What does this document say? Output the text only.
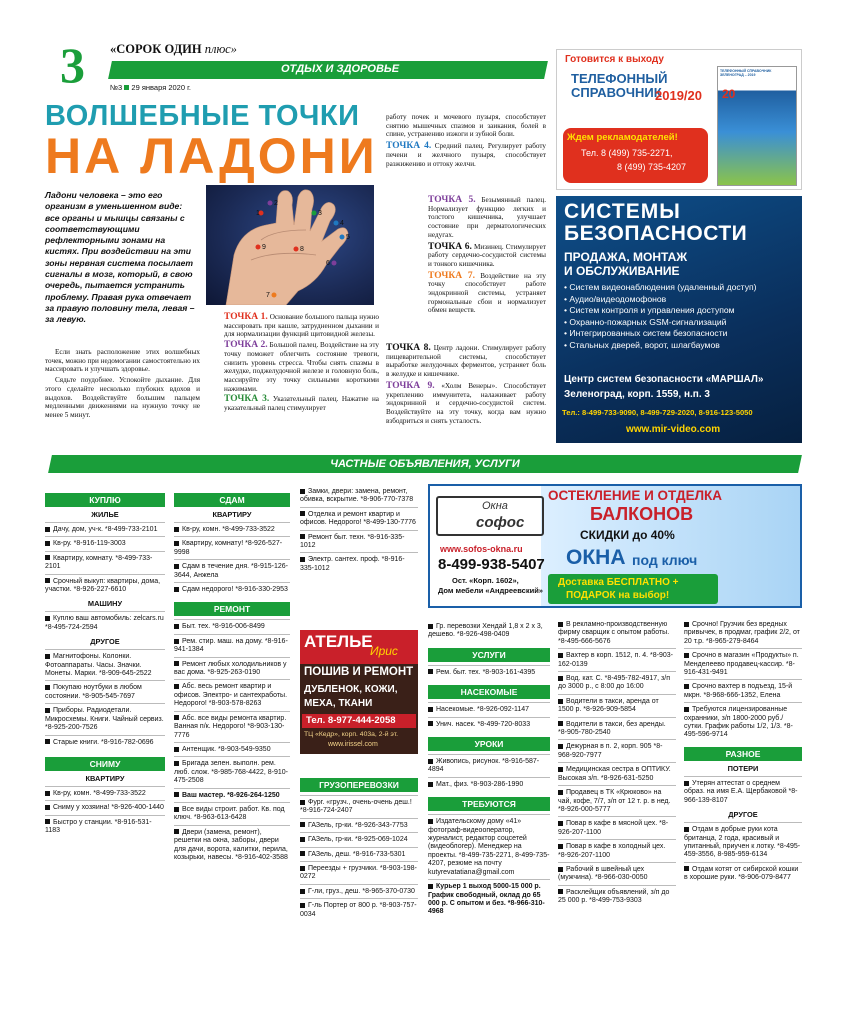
3 «СОРОК ОДИН плюс»
ОТДЫХ И ЗДОРОВЬЕ
№3 29 января 2020 г.
ВОЛШЕБНЫЕ ТОЧКИ
НА ЛАДОНИ
Ладони человека – это его организм в уменьшенном виде: все органы и мышцы связаны с соответствующими рефлекторными зонами на кистях. При воздействии на эти зоны нервная система посылает сигналы в мозг, который, в свою очередь, пытается устранить проблему. Правая рука отвечает за правую половину тела, левая – за левую.

Если знать расположение этих волшебных точек, можно при недомогании самостоятельно их массировать и улучшать здоровье.

Сядьте поудобнее. Успокойте дыхание. Для этого сделайте несколько глубоких вдохов и выдохов. Воздействуйте большим пальцем медленными движениями на нужную точку не менее 5 минут.

1
2
3
4
5
6
7
8
9

ТОЧКА 1. Основание большого пальца нужно массировать при кашле, затрудненном дыхании и для нормализации функций щитовидной железы.

ТОЧКА 2. Большой палец. Воздействие на эту точку поможет облегчить состояние тревоги, снизить уровень стресса. Чтобы снять спазмы в желудке, поджелудочной железе и головную боль, массируйте эту точку сильными короткими нажимами.

ТОЧКА 3. Указательный палец. Нажатие на указательный палец стимулирует

работу почек и мочевого пузыря, способствует снятию мышечных спазмов и заикания, болей в спине, устранению изжоги и зубной боли.

ТОЧКА 4. Средний палец. Регулирует работу печени и желчного пузыря, способствует разжижению и оттоку желчи.

ТОЧКА 5. Безымянный палец. Нормализует функцию легких и толстого кишечника, улучшает состояние при дерматологических недугах.

ТОЧКА 6. Мизинец. Стимулирует работу сердечно-сосудистой системы и тонкого кишечника.

ТОЧКА 7. Воздействие на эту точку способствует работе эндокринной системы, устраняет гормональные сбои и нормализует обмен веществ.

ТОЧКА 8. Центр ладони. Стимулирует работу пищеварительной системы, способствует выработке желудочных ферментов, устраняет боль в желудке и кишечнике.

ТОЧКА 9. «Холм Венеры». Способствует укреплению иммунитета, налаживает работу эндокринной и сердечно-сосудистой систем. Воздействуйте на эту точку, когда вам нужно взбодриться и снять усталость.

Готовится к выходу
ТЕЛЕФОННЫЙ СПРАВОЧНИК
2019/20
Ждем рекламодателей!
Тел. 8 (499) 735-2271,
8 (499) 735-4207
ТЕЛЕФОННЫЙ СПРАВОЧНИК ЗЕЛЕНОГРАД – 2019
20
СИСТЕМЫ
БЕЗОПАСНОСТИ
ПРОДАЖА, МОНТАЖ
И ОБСЛУЖИВАНИЕ
• Систем видеонаблюдения (удаленный доступ)
• Аудио/видеодомофонов
• Систем контроля и управления доступом
• Охранно-пожарных GSM-сигнализаций
• Интегрированных систем безопасности
• Стальных дверей, ворот, шлагбаумов
Центр систем безопасности «МАРШАЛ»
Зеленоград, корп. 1559, н.п. 3
Тел.: 8-499-733-9090, 8-499-729-2020, 8-916-123-5050
www.mir-video.com
ЧАСТНЫЕ ОБЪЯВЛЕНИЯ, УСЛУГИ
КУПЛЮ
ЖИЛЬЕ
Дачу, дом, уч-к. *8-499-733-2101
Кв-ру. *8-916-119-3003
Квартиру, комнату. *8-499-733-2101
Срочный выкуп: квартиры, дома, участки. *8-926-227-6610
МАШИНУ
Куплю ваш автомобиль: zelcars.ru *8-495-724-2594
ДРУГОЕ
Магнитофоны. Колонки. Фотоаппараты. Часы. Значки. Монеты. Марки. *8-909-645-2522
Покупаю ноутбуки в любом состоянии. *8-905-545-7697
Приборы. Радиодетали. Микросхемы. Книги. Чайный сервиз. *8-925-200-7526
Старые книги. *8-916-782-0696
СНИМУ
КВАРТИРУ
Кв-ру, комн. *8-499-733-3522
Сниму у хозяина! *8-926-400-1440
Быстро у станции. *8-916-531-1183
СДАМ
КВАРТИРУ
Кв-ру, комн. *8-499-733-3522
Квартиру, комнату! *8-926-527-9998
Сдам в течение дня. *8-915-126-3644, Анжела
Сдам недорого! *8-916-330-2953
РЕМОНТ
Быт. тех. *8-916-006-8499
Рем. стир. маш. на дому. *8-916-941-1384
Ремонт любых холодильников у вас дома. *8-925-263-0190
Абс. весь ремонт квартир и офисов. Электро- и сантехработы. Недорого! *8-903-578-8263
Абс. все виды ремонта квартир. Ванная п/к. Недорого! *8-903-130-7776
Антенщик. *8-903-549-9350
Бригада зелен. выполн. рем. люб. слож. *8-985-768-4422, 8-910-475-2508
Ваш мастер. *8-926-264-1250
Все виды строит. работ. Кв. под ключ. *8-963-613-6428
Двери (замена, ремонт), решетки на окна, заборы, двери для дачи, ворота, калитки, перила, козырьки, навесы. *8-916-402-3588
Замки, двери: замена, ремонт, обивка, вскрытие. *8-906-770-7378
Отделка и ремонт квартир и офисов. Недорого! *8-499-130-7776
Ремонт быт. техн. *8-916-335-1012
Электр. сантех. проф. *8-916-335-1012
АТЕЛЬЕ
Ирис
ПОШИВ И РЕМОНТ
ДУБЛЕНОК, КОЖИ,
МЕХА, ТКАНИ
Тел. 8-977-444-2058
ТЦ «Кедр», корп. 403а, 2-й эт.
www.irissel.com
ГРУЗОПЕРЕВОЗКИ
Фург. «грузч., очень-очень деш.! *8-916-724-2407
ГАЗель, гр-ки. *8-926-343-7753
ГАЗель, гр-ки. *8-925-069-1024
ГАЗель, деш. *8-916-733-5301
Переезды + грузчики. *8-903-198-0272
Г-ли, груз., деш. *8-965-370-0730
Г-ль Портер от 800 р. *8-903-757-0034
Окна
софос
www.sofos-okna.ru
8-499-938-5407
Ост. «Корп. 1602»,
Дом мебели «Андреевский»
ОСТЕКЛЕНИЕ И ОТДЕЛКА
БАЛКОНОВ
СКИДКИ до 40%
ОКНА под ключ
Доставка БЕСПЛАТНО +
ПОДАРОК на выбор!
Гр. перевозки Хендай 1,8 х 2 х 3, дешево. *8-926-498-0409
УСЛУГИ
Рем. быт. тех. *8-903-161-4395
НАСЕКОМЫЕ
Насекомые. *8-926-092-1147
Унич. насек. *8-499-720-8033
УРОКИ
Живопись, рисунок. *8-916-587-4894
Мат., физ. *8-903-286-1990
ТРЕБУЮТСЯ
Издательскому дому «41» фотограф-видеооператор, журналист, редактор соцсетей (видеоблогер). Менеджер на проекты. *8-499-735-2271, 8-499-735-4207, резюме на почту kutyrevatatiana@gmail.com
Курьер 1 выход 5000-15 000 р. График свободный, оклад до 65 000 р. С опытом и без. *8-966-310-4968
В рекламно-производственную фирму сварщик с опытом работы. *8-495-666-5676
Вахтер в корп. 1512, п. 4. *8-903-162-0139
Вод. кат. С. *8-495-782-4917, з/п до 3000 р., с 8:00 до 16:00
Водители в такси, аренда от 1500 р. *8-926-909-5854
Водители в такси, без аренды. *8-905-780-2540
Дежурная в п. 2, корп. 905 *8-968-920-7977
Медицинская сестра в ОПТИКУ. Высокая з/п. *8-926-631-5250
Продавец в ТК «Крюково» на чай, кофе, 7/7, з/п от 12 т. р. в нед. *8-926-000-5777
Повар в кафе в мясной цех. *8-926-207-1100
Повар в кафе в холодный цех. *8-926-207-1100
Рабочий в швейный цех (мужчина). *8-966-030-0050
Расклейщик объявлений, з/п до 25 000 р. *8-499-753-9303
Срочно! Грузчик без вредных привычек, в продмаг, график 2/2, от 20 т.р. *8-965-279-8464
Срочно в магазин «Продукты» п. Менделеево продавец-кассир. *8-916-431-9491
Срочно вахтер в подъезд, 15-й мкрн. *8-968-666-1352, Елена
Требуются лицензированные охранники, з/п 1800-2000 руб./сутки. График работы 1/2, 1/3. *8-495-596-9714
РАЗНОЕ
ПОТЕРИ
Утерян аттестат о среднем образ. на имя Е.А. Щербаковой *8-966-139-8107
ДРУГОЕ
Отдам в добрые руки кота британца, 2 года, красивый и упитанный, приучен к лотку. *8-495-459-3556, 8-985-959-6134
Отдам котят от сибирской кошки в хорошие руки. *8-906-079-8477
